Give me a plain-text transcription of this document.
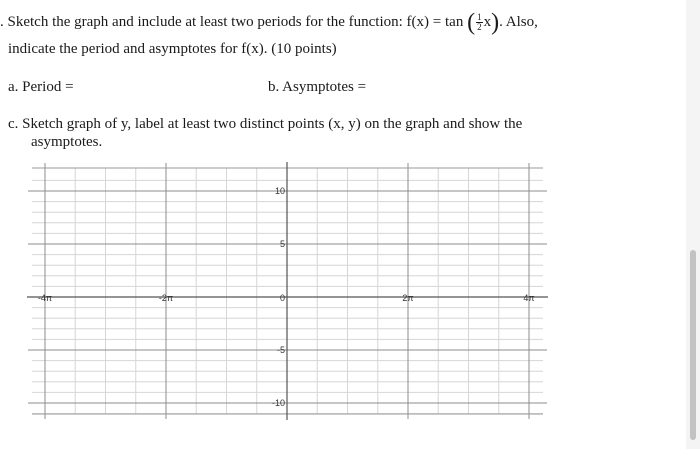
. Sketch the graph and include at least two periods for the function: f(x) = tan ( $\frac{1}{2} x$). Also,
indicate the period and asymptotes for f(x). (10 points)
a. Period =	b. Asymptotes =
c. Sketch graph of y, label at least two distinct points (x, y) on the graph and show the
asymptotes.
-4π	-2π	0	2π	4π
10
5
-5
-10
